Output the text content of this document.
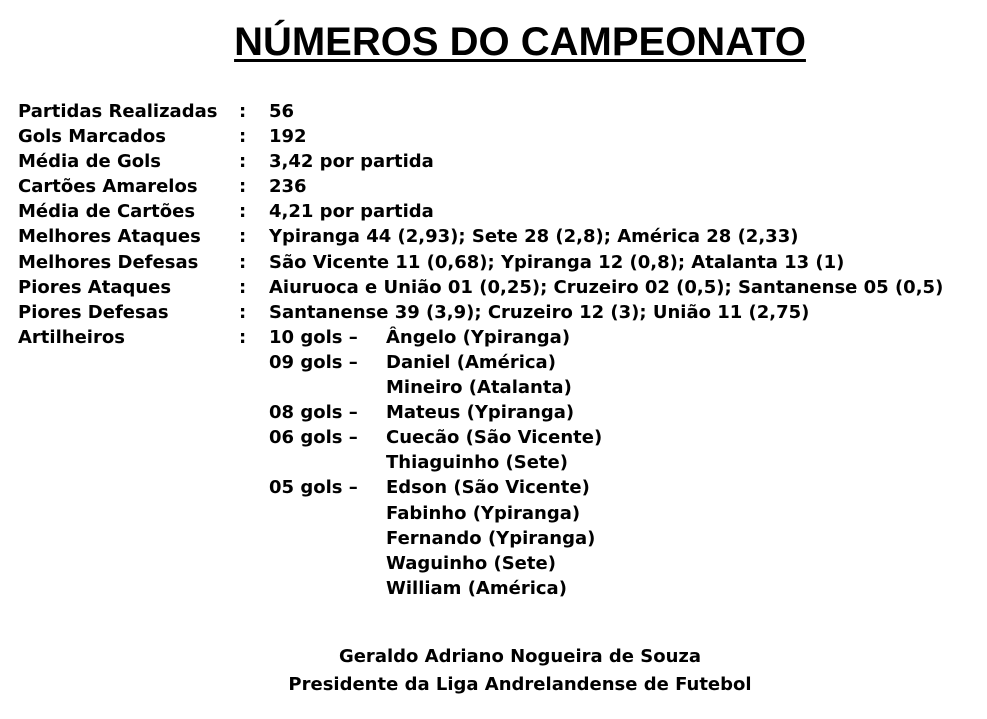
NÚMEROS DO CAMPEONATO
Partidas Realizadas	:	56
Gols Marcados	:	192
Média de Gols	:	3,42 por partida
Cartões Amarelos	:	236
Média de Cartões	:	4,21 por partida
Melhores Ataques	:	Ypiranga 44 (2,93); Sete 28 (2,8); América 28 (2,33)
Melhores Defesas	:	São Vicente 11 (0,68); Ypiranga 12 (0,8); Atalanta 13 (1)
Piores Ataques	:	Aiuruoca e União 01 (0,25); Cruzeiro 02 (0,5); Santanense 05 (0,5)
Piores Defesas	:	Santanense 39 (3,9); Cruzeiro 12 (3); União 11 (2,75)
Artilheiros	:	10 gols –	Ângelo (Ypiranga)
09 gols –	Daniel (América)
Mineiro (Atalanta)
08 gols –	Mateus (Ypiranga)
06 gols –	Cuecão (São Vicente)
Thiaguinho (Sete)
05 gols –	Edson (São Vicente)
Fabinho (Ypiranga)
Fernando (Ypiranga)
Waguinho (Sete)
William (América)
Geraldo Adriano Nogueira de Souza
Presidente da Liga Andrelandense de Futebol
